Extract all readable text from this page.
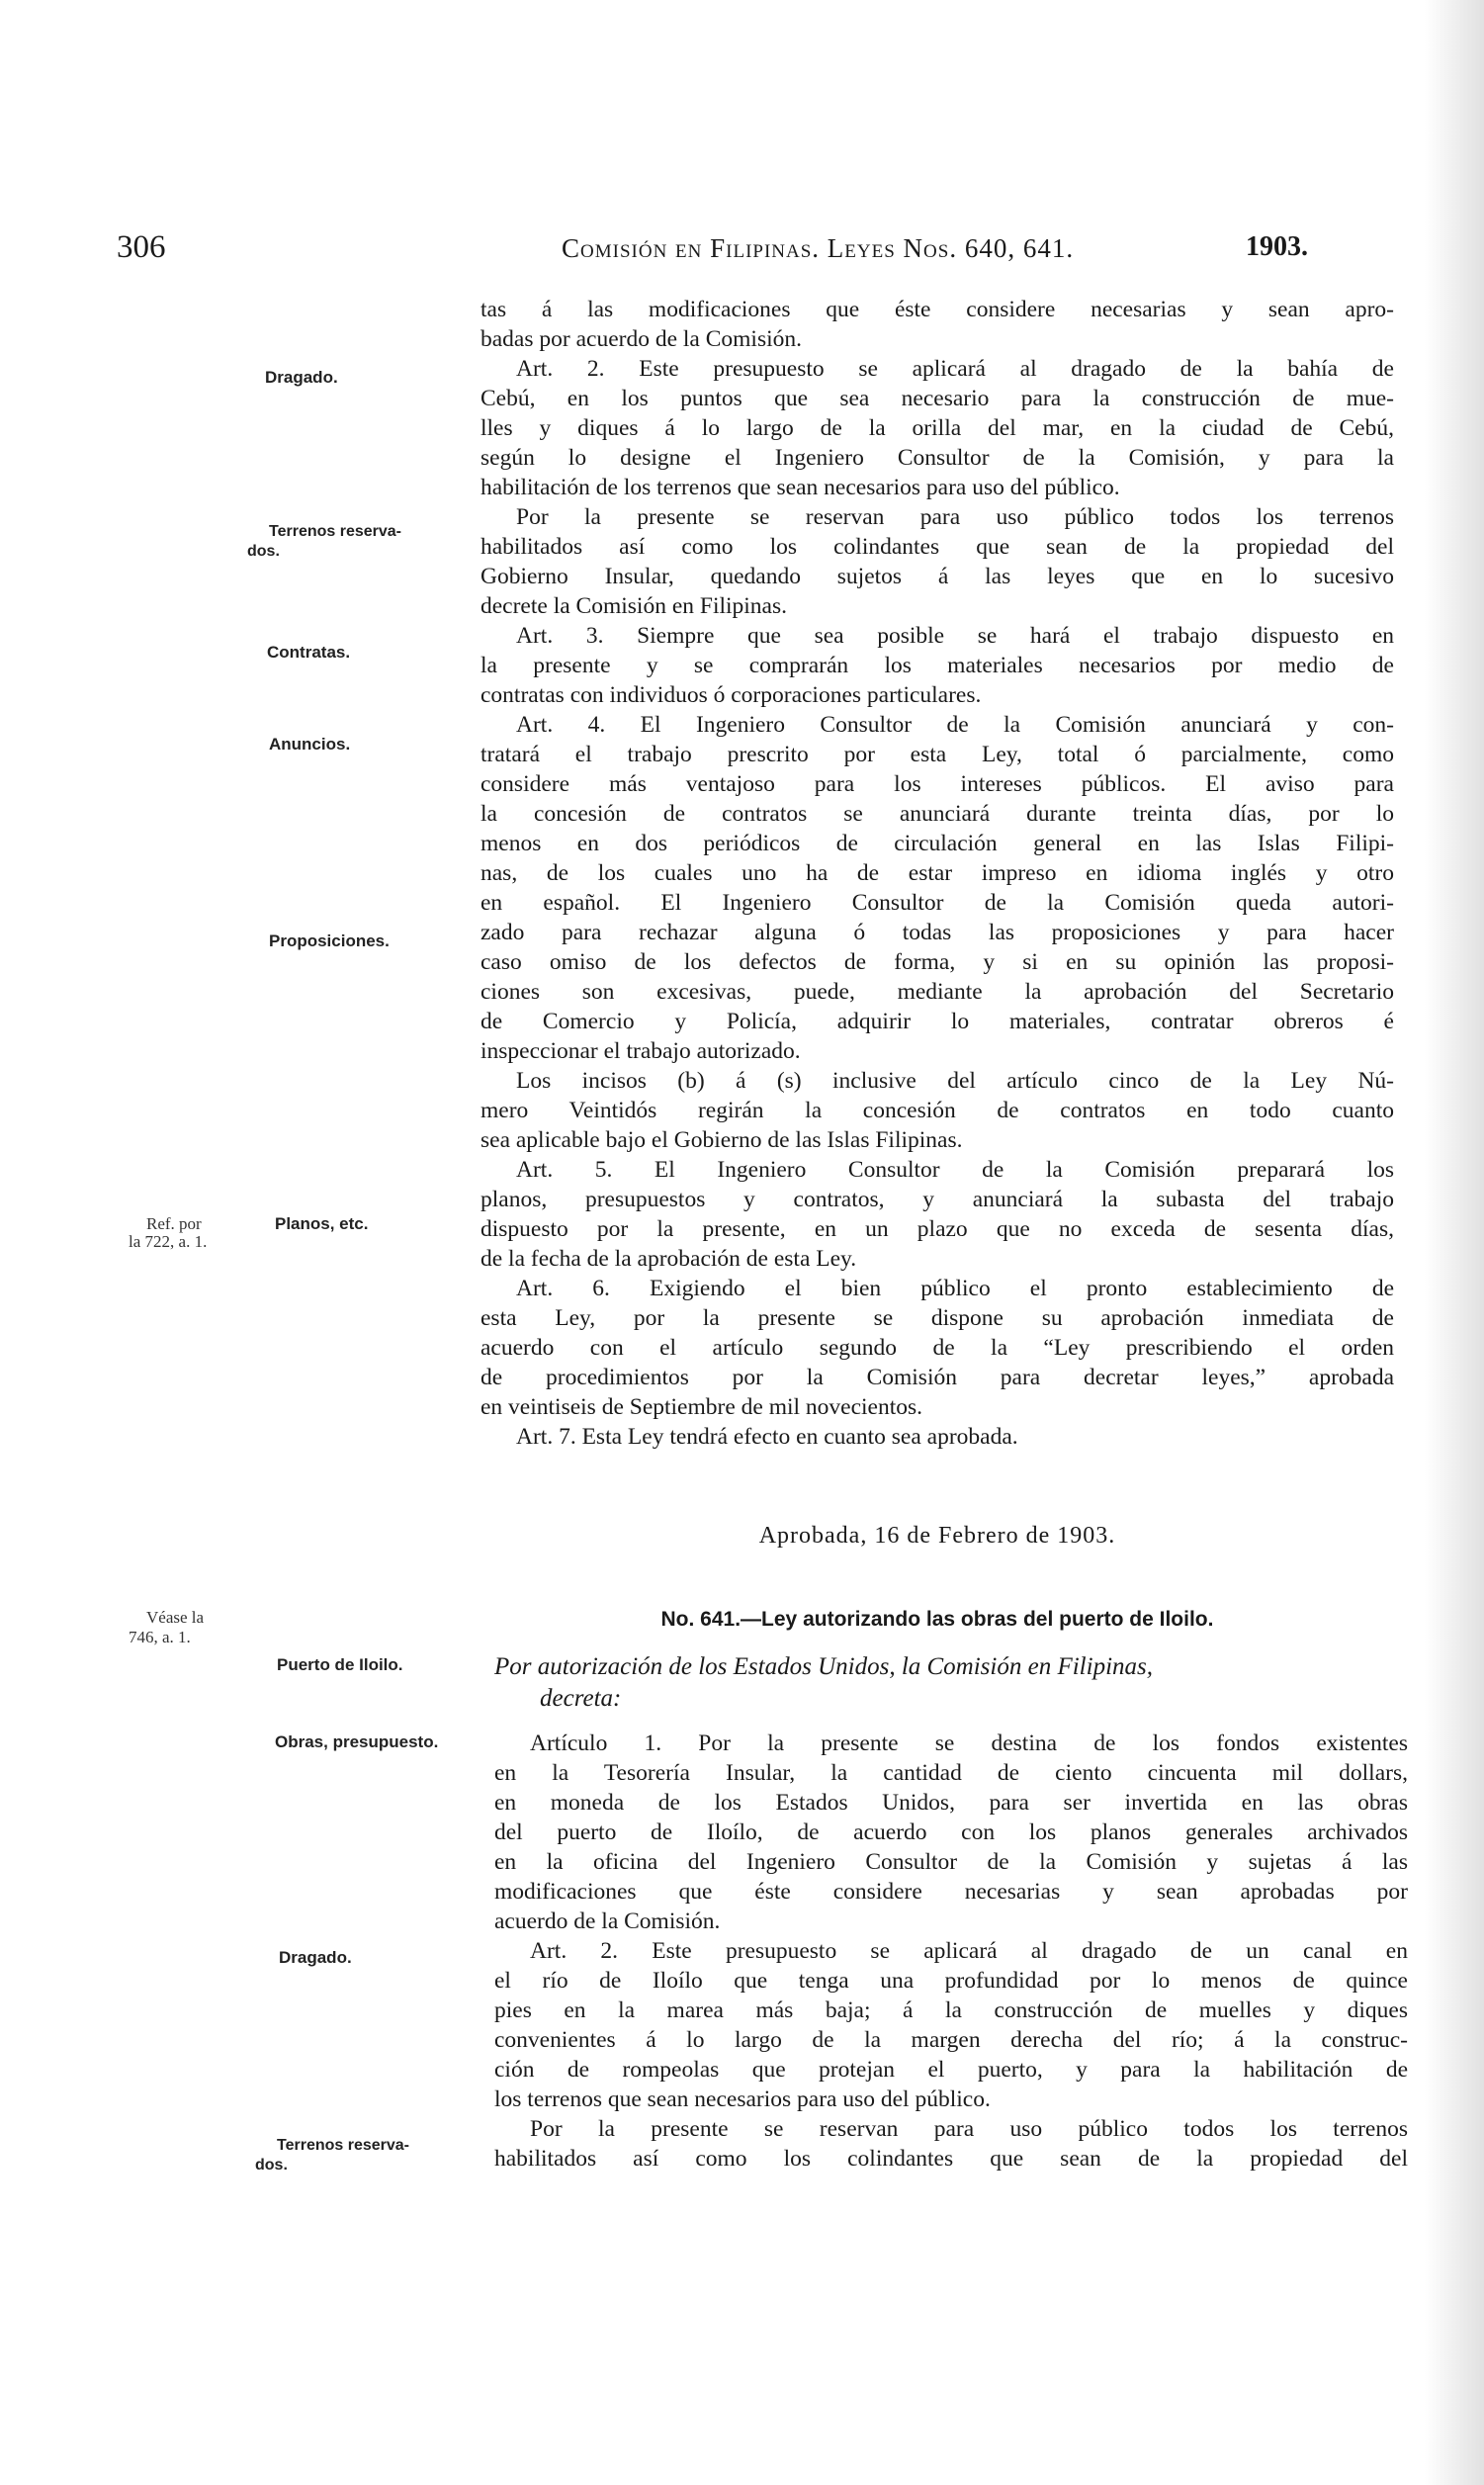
306	Comisión en Filipinas. Leyes Nos. 640, 641.	1903.
Dragado.
Terrenos reserva-
dos.
Contratas.
Anuncios.
Proposiciones.
Planos, etc.
Puerto de Iloilo.
Obras, presupuesto.
Dragado.
Terrenos reserva-
dos.
Ref. por
la 722, a. 1.
Véase la
746, a. 1.
tas á las modificaciones que éste considere necesarias y sean apro-
badas por acuerdo de la Comisión.
Art. 2. Este presupuesto se aplicará al dragado de la bahía de
Cebú, en los puntos que sea necesario para la construcción de mue-
lles y diques á lo largo de la orilla del mar, en la ciudad de Cebú,
según lo designe el Ingeniero Consultor de la Comisión, y para la
habilitación de los terrenos que sean necesarios para uso del público.
Por la presente se reservan para uso público todos los terrenos
habilitados así como los colindantes que sean de la propiedad del
Gobierno Insular, quedando sujetos á las leyes que en lo sucesivo
decrete la Comisión en Filipinas.
Art. 3. Siempre que sea posible se hará el trabajo dispuesto en
la presente y se comprarán los materiales necesarios por medio de
contratas con individuos ó corporaciones particulares.
Art. 4. El Ingeniero Consultor de la Comisión anunciará y con-
tratará el trabajo prescrito por esta Ley, total ó parcialmente, como
considere más ventajoso para los intereses públicos. El aviso para
la concesión de contratos se anunciará durante treinta días, por lo
menos en dos periódicos de circulación general en las Islas Filipi-
nas, de los cuales uno ha de estar impreso en idioma inglés y otro
en español. El Ingeniero Consultor de la Comisión queda autori-
zado para rechazar alguna ó todas las proposiciones y para hacer
caso omiso de los defectos de forma, y si en su opinión las proposi-
ciones son excesivas, puede, mediante la aprobación del Secretario
de Comercio y Policía, adquirir lo materiales, contratar obreros é
inspeccionar el trabajo autorizado.
Los incisos (b) á (s) inclusive del artículo cinco de la Ley Nú-
mero Veintidós regirán la concesión de contratos en todo cuanto
sea aplicable bajo el Gobierno de las Islas Filipinas.
Art. 5. El Ingeniero Consultor de la Comisión preparará los
planos, presupuestos y contratos, y anunciará la subasta del trabajo
dispuesto por la presente, en un plazo que no exceda de sesenta días,
de la fecha de la aprobación de esta Ley.
Art. 6. Exigiendo el bien público el pronto establecimiento de
esta Ley, por la presente se dispone su aprobación inmediata de
acuerdo con el artículo segundo de la “Ley prescribiendo el orden
de procedimientos por la Comisión para decretar leyes,” aprobada
en veintiseis de Septiembre de mil novecientos.
Art. 7. Esta Ley tendrá efecto en cuanto sea aprobada.
Aprobada, 16 de Febrero de 1903.
No. 641.—Ley autorizando las obras del puerto de Iloilo.
Por autorización de los Estados Unidos, la Comisión en Filipinas,
decreta:
Artículo 1. Por la presente se destina de los fondos existentes
en la Tesorería Insular, la cantidad de ciento cincuenta mil dollars,
en moneda de los Estados Unidos, para ser invertida en las obras
del puerto de Iloílo, de acuerdo con los planos generales archivados
en la oficina del Ingeniero Consultor de la Comisión y sujetas á las
modificaciones que éste considere necesarias y sean aprobadas por
acuerdo de la Comisión.
Art. 2. Este presupuesto se aplicará al dragado de un canal en
el río de Iloílo que tenga una profundidad por lo menos de quince
pies en la marea más baja; á la construcción de muelles y diques
convenientes á lo largo de la margen derecha del río; á la construc-
ción de rompeolas que protejan el puerto, y para la habilitación de
los terrenos que sean necesarios para uso del público.
Por la presente se reservan para uso público todos los terrenos
habilitados así como los colindantes que sean de la propiedad del
